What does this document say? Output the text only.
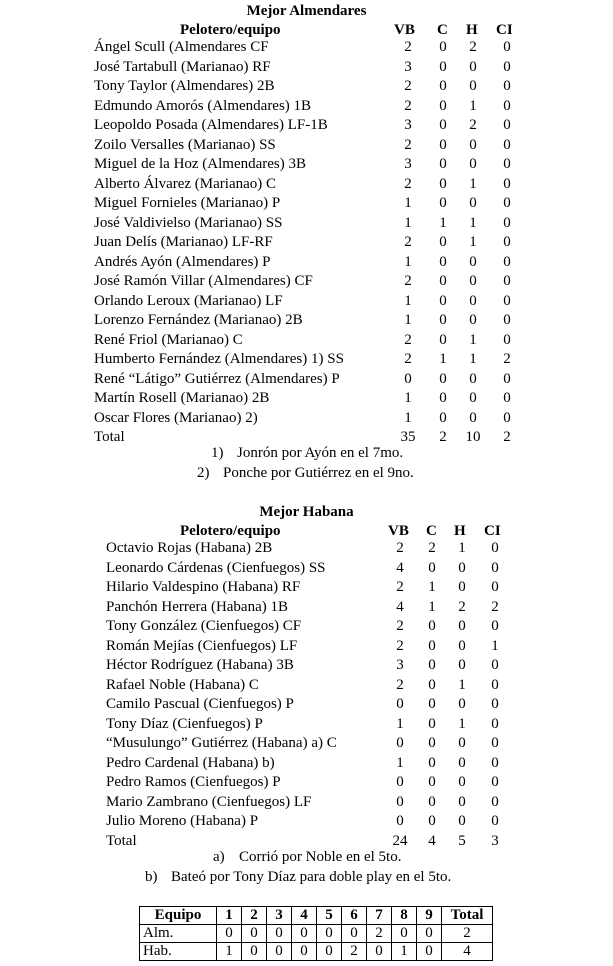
Mejor Almendares
Pelotero/equipo	VB C H CI
Ángel Scull (Almendares CF	2	0	2	0
José Tartabull (Marianao) RF	3	0	0	0
Tony Taylor (Almendares) 2B	2	0	0	0
Edmundo Amorós (Almendares) 1B	2	0	1	0
Leopoldo Posada (Almendares) LF-1B	3	0	2	0
Zoilo Versalles (Marianao) SS	2	0	0	0
Miguel de la Hoz (Almendares) 3B	3	0	0	0
Alberto Álvarez (Marianao) C	2	0	1	0
Miguel Fornieles (Marianao) P	1	0	0	0
José Valdivielso (Marianao) SS	1	1	1	0
Juan Delís (Marianao) LF-RF	2	0	1	0
Andrés Ayón (Almendares) P	1	0	0	0
José Ramón Villar (Almendares) CF	2	0	0	0
Orlando Leroux (Marianao) LF	1	0	0	0
Lorenzo Fernández (Marianao) 2B	1	0	0	0
René Friol (Marianao) C	2	0	1	0
Humberto Fernández (Almendares) 1) SS	2	1	1	2
René “Látigo” Gutiérrez (Almendares) P	0	0	0	0
Martín Rosell (Marianao) 2B	1	0	0	0
Oscar Flores (Marianao) 2)	1	0	0	0
Total	35	2	10	2
1) Jonrón por Ayón en el 7mo.
2) Ponche por Gutiérrez en el 9no.
Mejor Habana
Pelotero/equipo	VB C H CI
Octavio Rojas (Habana) 2B	2	2	1	0
Leonardo Cárdenas (Cienfuegos) SS	4	0	0	0
Hilario Valdespino (Habana) RF	2	1	0	0
Panchón Herrera (Habana) 1B	4	1	2	2
Tony González (Cienfuegos) CF	2	0	0	0
Román Mejías (Cienfuegos) LF	2	0	0	1
Héctor Rodríguez (Habana) 3B	3	0	0	0
Rafael Noble (Habana) C	2	0	1	0
Camilo Pascual (Cienfuegos) P	0	0	0	0
Tony Díaz (Cienfuegos) P	1	0	1	0
“Musulungo” Gutiérrez (Habana) a) C	0	0	0	0
Pedro Cardenal (Habana) b)	1	0	0	0
Pedro Ramos (Cienfuegos) P	0	0	0	0
Mario Zambrano (Cienfuegos) LF	0	0	0	0
Julio Moreno (Habana) P	0	0	0	0
Total	24	4	5	3
a) Corrió por Noble en el 5to.
b) Bateó por Tony Díaz para doble play en el 5to.
Equipo	1	2	3	4	5	6	7	8	9	Total
Alm.	0	0	0	0	0	0	2	0	0	2
Hab.	1	0	0	0	0	2	0	1	0	4
